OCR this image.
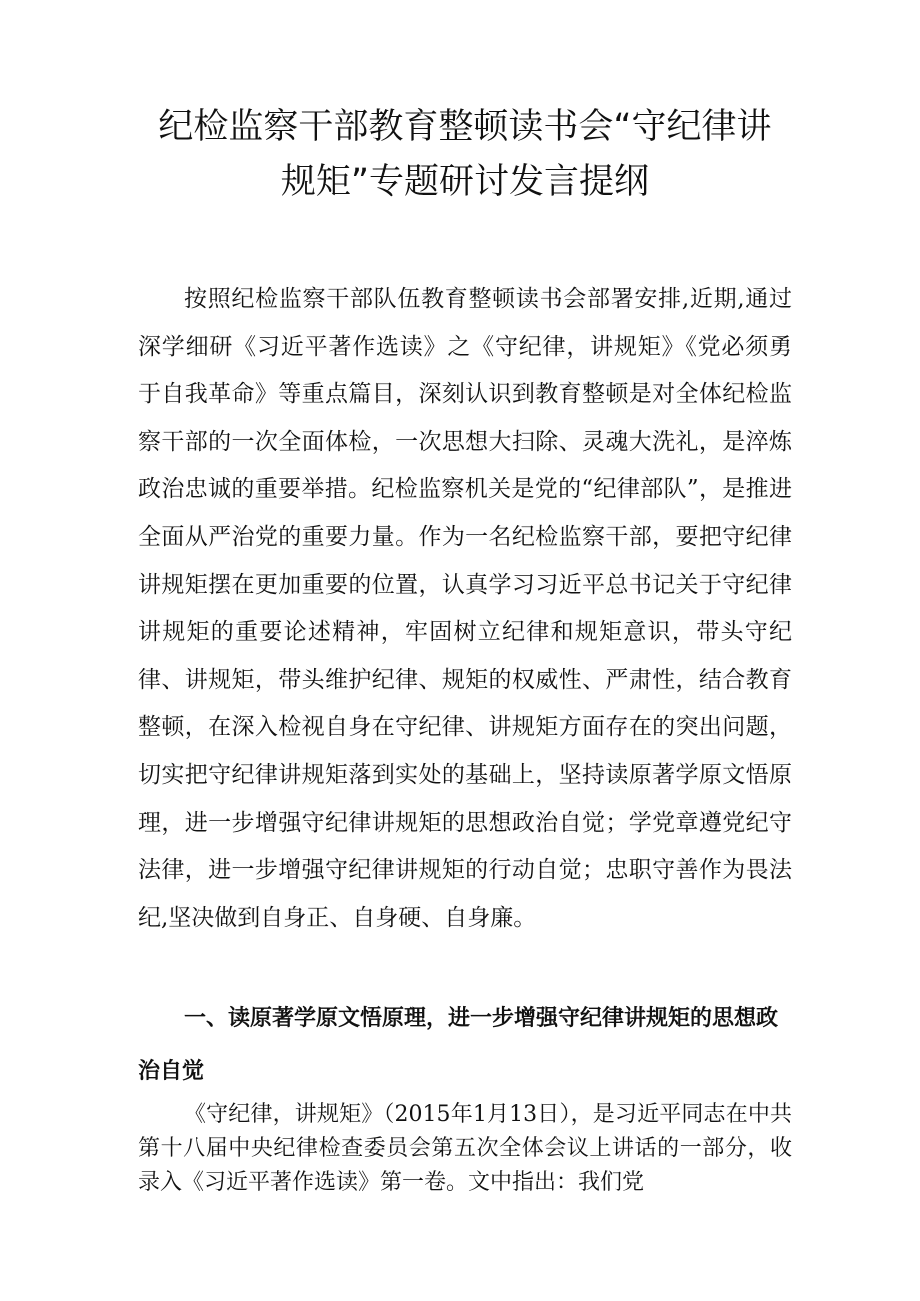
纪检监察干部教育整顿读书会“守纪律讲
规矩”专题研讨发言提纲

按照纪检监察干部队伍教育整顿读书会部署安排,近期,通过深学细研《习近平著作选读》之《守纪律，讲规矩》《党必须勇于自我革命》等重点篇目，深刻认识到教育整顿是对全体纪检监察干部的一次全面体检，一次思想大扫除、灵魂大洗礼，是淬炼政治忠诚的重要举措。纪检监察机关是党的“纪律部队”，是推进全面从严治党的重要力量。作为一名纪检监察干部，要把守纪律讲规矩摆在更加重要的位置，认真学习习近平总书记关于守纪律讲规矩的重要论述精神，牢固树立纪律和规矩意识，带头守纪律、讲规矩，带头维护纪律、规矩的权威性、严肃性，结合教育整顿，在深入检视自身在守纪律、讲规矩方面存在的突出问题，切实把守纪律讲规矩落到实处的基础上，坚持读原著学原文悟原理，进一步增强守纪律讲规矩的思想政治自觉；学党章遵党纪守法律，进一步增强守纪律讲规矩的行动自觉；忠职守善作为畏法纪,坚决做到自身正、自身硬、自身廉。

一、读原著学原文悟原理，进一步增强守纪律讲规矩的思想政治自觉

《守纪律，讲规矩》（2015年1月13日），是习近平同志在中共第十八届中央纪律检查委员会第五次全体会议上讲话的一部分，收录入《习近平著作选读》第一卷。文中指出：我们党
